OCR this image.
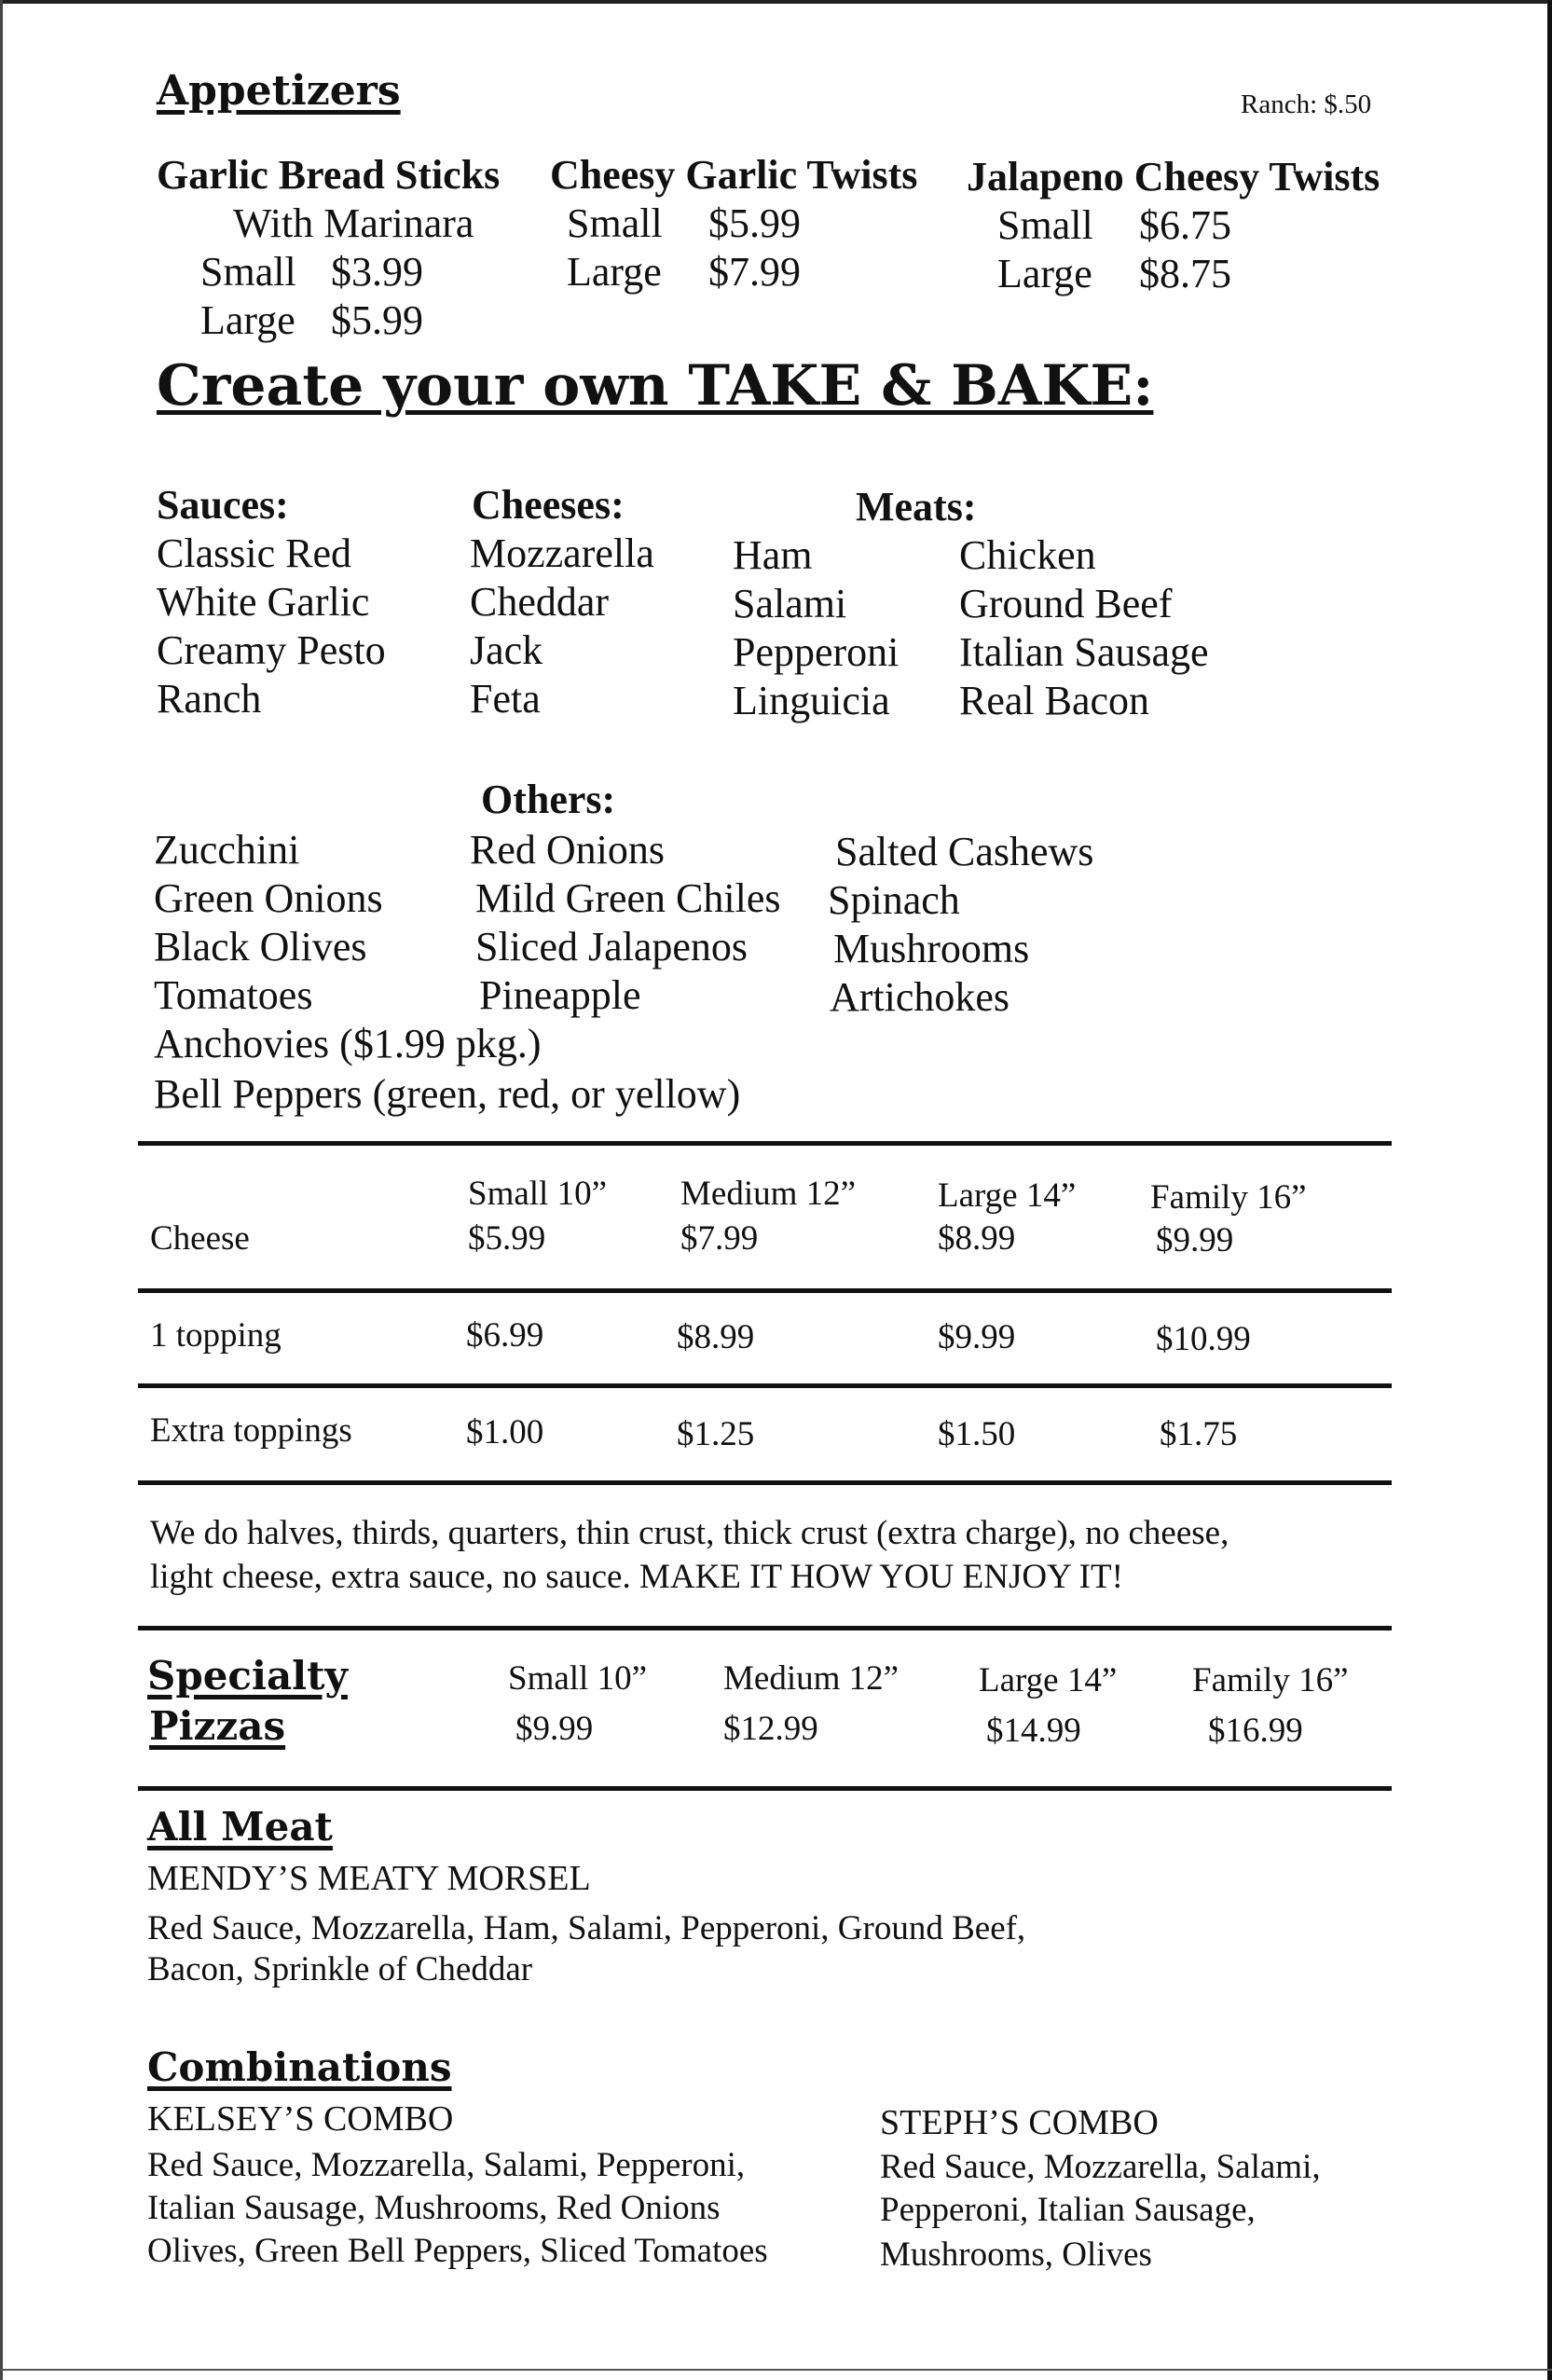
Appetizers	Ranch: $.50
Garlic Bread Sticks
With Marinara
Small $3.99
Large $5.99
Cheesy Garlic Twists
Small $5.99
Large $7.99
Jalapeno Cheesy Twists
Small $6.75
Large $8.75
Create your own TAKE & BAKE:
Sauces:
Classic Red
White Garlic
Creamy Pesto
Ranch
Cheeses:
Mozzarella
Cheddar
Jack
Feta
Meats:
Ham
Salami
Pepperoni
Linguicia
Chicken
Ground Beef
Italian Sausage
Real Bacon
Others:
Zucchini
Green Onions
Black Olives
Tomatoes
Red Onions
Mild Green Chiles
Sliced Jalapenos
Pineapple
Salted Cashews
Spinach
Mushrooms
Artichokes
Anchovies ($1.99 pkg.)
Bell Peppers (green, red, or yellow)
Small 10” Medium 12” Large 14” Family 16”
Cheese	$5.99	$7.99	$8.99	$9.99
1 topping	$6.99	$8.99	$9.99	$10.99
Extra toppings	$1.00	$1.25	$1.50	$1.75
We do halves, thirds, quarters, thin crust, thick crust (extra charge), no cheese,
light cheese, extra sauce, no sauce. MAKE IT HOW YOU ENJOY IT!
Specialty
Pizzas
Small 10” Medium 12” Large 14” Family 16”
$9.99	$12.99	$14.99	$16.99
All Meat
MENDY’S MEATY MORSEL
Red Sauce, Mozzarella, Ham, Salami, Pepperoni, Ground Beef,
Bacon, Sprinkle of Cheddar
Combinations
KELSEY’S COMBO
Red Sauce, Mozzarella, Salami, Pepperoni,
Italian Sausage, Mushrooms, Red Onions
Olives, Green Bell Peppers, Sliced Tomatoes
STEPH’S COMBO
Red Sauce, Mozzarella, Salami,
Pepperoni, Italian Sausage,
Mushrooms, Olives
